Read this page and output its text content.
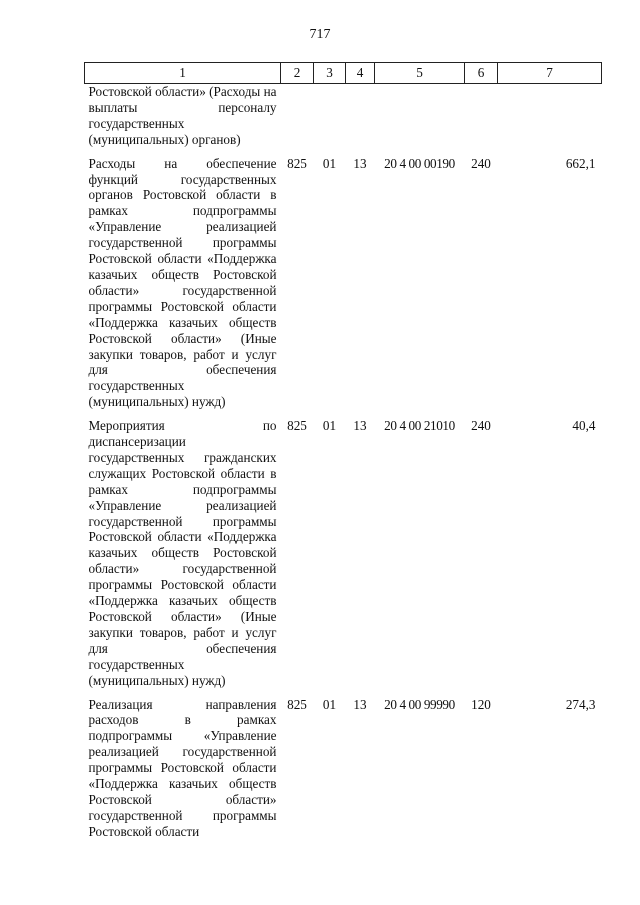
717
1	2	3	4	5	6	7
Ростовской области» (Расходы на выплаты персоналу государственных (муниципальных) органов)						

Расходы на обеспечение функций государственных органов Ростовской области в рамках подпрограммы «Управление реализацией государственной программы Ростовской области «Поддержка казачьих обществ Ростовской области» государственной программы Ростовской области «Поддержка казачьих обществ Ростовской области» (Иные закупки товаров, работ и услуг для обеспечения государственных (муниципальных) нужд)	825	01	13	20 4 00 00190	240	662,1

Мероприятия по диспансеризации государственных гражданских служащих Ростовской области в рамках подпрограммы «Управление реализацией государственной программы Ростовской области «Поддержка казачьих обществ Ростовской области» государственной программы Ростовской области «Поддержка казачьих обществ Ростовской области» (Иные закупки товаров, работ и услуг для обеспечения государственных (муниципальных) нужд)	825	01	13	20 4 00 21010	240	40,4

Реализация направления расходов в рамках подпрограммы «Управление реализацией государственной программы Ростовской области «Поддержка казачьих обществ Ростовской области» государственной программы Ростовской области	825	01	13	20 4 00 99990	120	274,3
